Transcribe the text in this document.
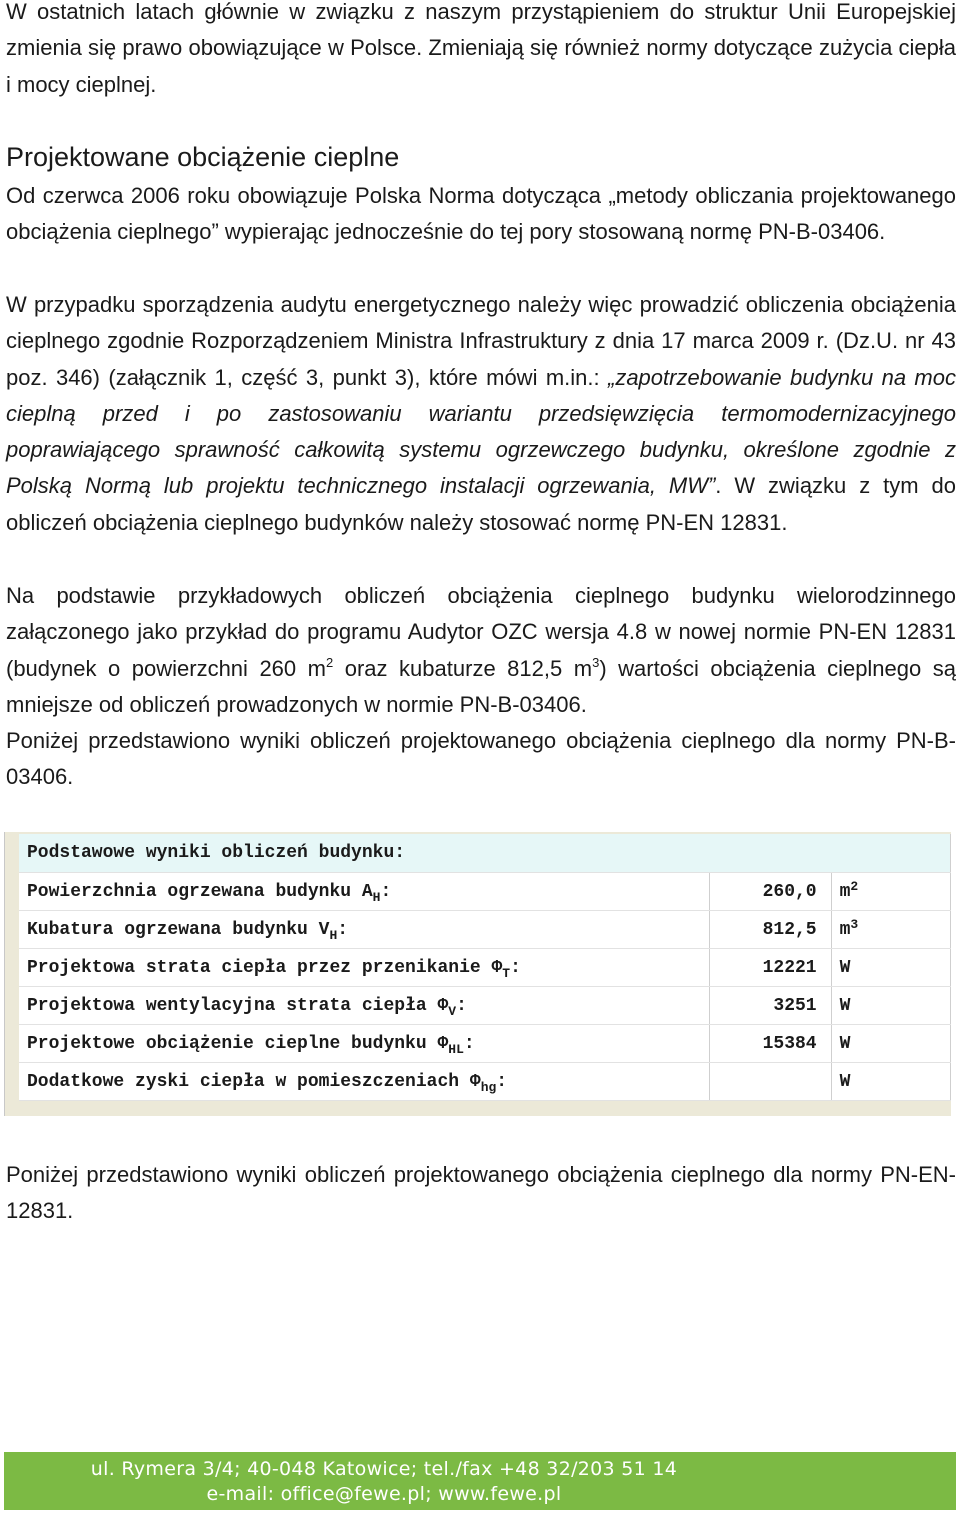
W ostatnich latach głównie w związku z naszym przystąpieniem do struktur Unii Europejskiej zmienia się prawo obowiązujące w Polsce. Zmieniają się również normy dotyczące zużycia ciepła i mocy cieplnej.

Projektowane obciążenie cieplne

Od czerwca 2006 roku obowiązuje Polska Norma dotycząca „metody obliczania projektowanego obciążenia cieplnego” wypierając jednocześnie do tej pory stosowaną normę PN-B-03406.

W przypadku sporządzenia audytu energetycznego należy więc prowadzić obliczenia obciążenia cieplnego zgodnie Rozporządzeniem Ministra Infrastruktury z dnia 17 marca 2009 r. (Dz.U. nr 43 poz. 346) (załącznik 1, część 3, punkt 3), które mówi m.in.: „zapotrzebowanie budynku na moc cieplną przed i po zastosowaniu wariantu przedsięwzięcia termomodernizacyjnego poprawiającego sprawność całkowitą systemu ogrzewczego budynku, określone zgodnie z Polską Normą lub projektu technicznego instalacji ogrzewania, MW”. W związku z tym do obliczeń obciążenia cieplnego budynków należy stosować normę PN-EN 12831.

Na podstawie przykładowych obliczeń obciążenia cieplnego budynku wielorodzinnego załączonego jako przykład do programu Audytor OZC wersja 4.8 w nowej normie PN-EN 12831 (budynek o powierzchni 260 $m^2$ oraz kubaturze 812,5 $m^3$) wartości obciążenia cieplnego są mniejsze od obliczeń prowadzonych w normie PN-B-03406.

Poniżej przedstawiono wyniki obliczeń projektowanego obciążenia cieplnego dla normy PN-B-03406.

Podstawowe wyniki obliczeń budynku:		
Powierzchnia ogrzewana budynku $A_H$:	260,0	$m^2$
Kubatura ogrzewana budynku $V_H$:	812,5	$m^3$
Projektowa strata ciepła przez przenikanie $\Phi_T$:	12221	W
Projektowa wentylacyjna strata ciepła $\Phi_V$:	3251	W
Projektowe obciążenie cieplne budynku $\Phi_{HL}$:	15384	W
Dodatkowe zyski ciepła w pomieszczeniach $\Phi_{hg}$:		W

Poniżej przedstawiono wyniki obliczeń projektowanego obciążenia cieplnego dla normy PN-EN-12831.

ul. Rymera 3/4; 40-048 Katowice; tel./fax +48 32/203 51 14
e-mail: office@fewe.pl; www.fewe.pl
